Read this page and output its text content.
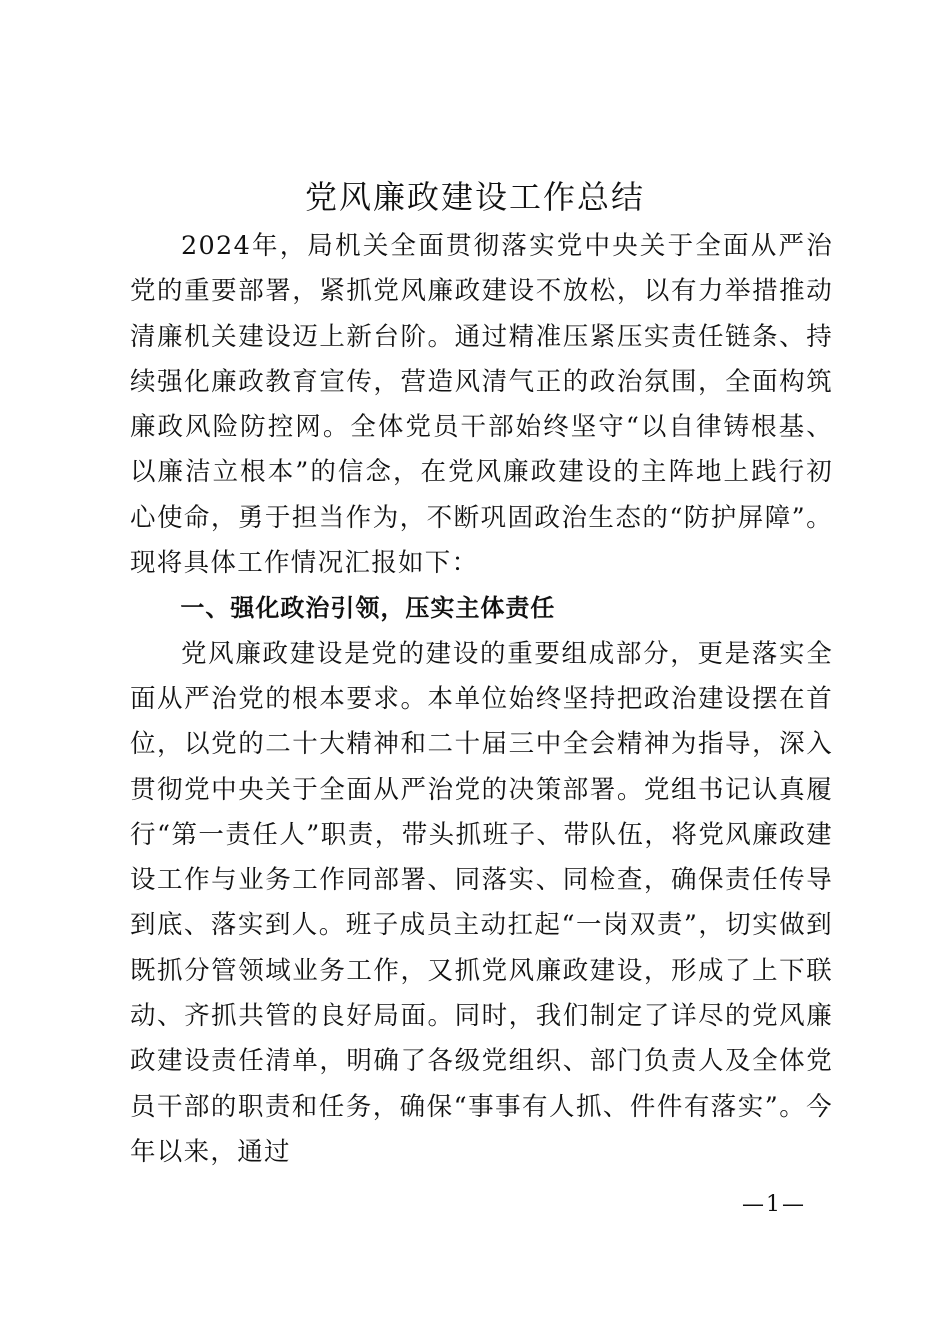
党风廉政建设工作总结

2024年，局机关全面贯彻落实党中央关于全面从严治党的重要部署，紧抓党风廉政建设不放松，以有力举措推动清廉机关建设迈上新台阶。通过精准压紧压实责任链条、持续强化廉政教育宣传，营造风清气正的政治氛围，全面构筑廉政风险防控网。全体党员干部始终坚守“以自律铸根基、以廉洁立根本”的信念，在党风廉政建设的主阵地上践行初心使命，勇于担当作为，不断巩固政治生态的“防护屏障”。现将具体工作情况汇报如下：

一、强化政治引领，压实主体责任

党风廉政建设是党的建设的重要组成部分，更是落实全面从严治党的根本要求。本单位始终坚持把政治建设摆在首位，以党的二十大精神和二十届三中全会精神为指导，深入贯彻党中央关于全面从严治党的决策部署。党组书记认真履行“第一责任人”职责，带头抓班子、带队伍，将党风廉政建设工作与业务工作同部署、同落实、同检查，确保责任传导到底、落实到人。班子成员主动扛起“一岗双责”，切实做到既抓分管领域业务工作，又抓党风廉政建设，形成了上下联动、齐抓共管的良好局面。同时，我们制定了详尽的党风廉政建设责任清单，明确了各级党组织、部门负责人及全体党员干部的职责和任务，确保“事事有人抓、件件有落实”。今年以来，通过

—1—
